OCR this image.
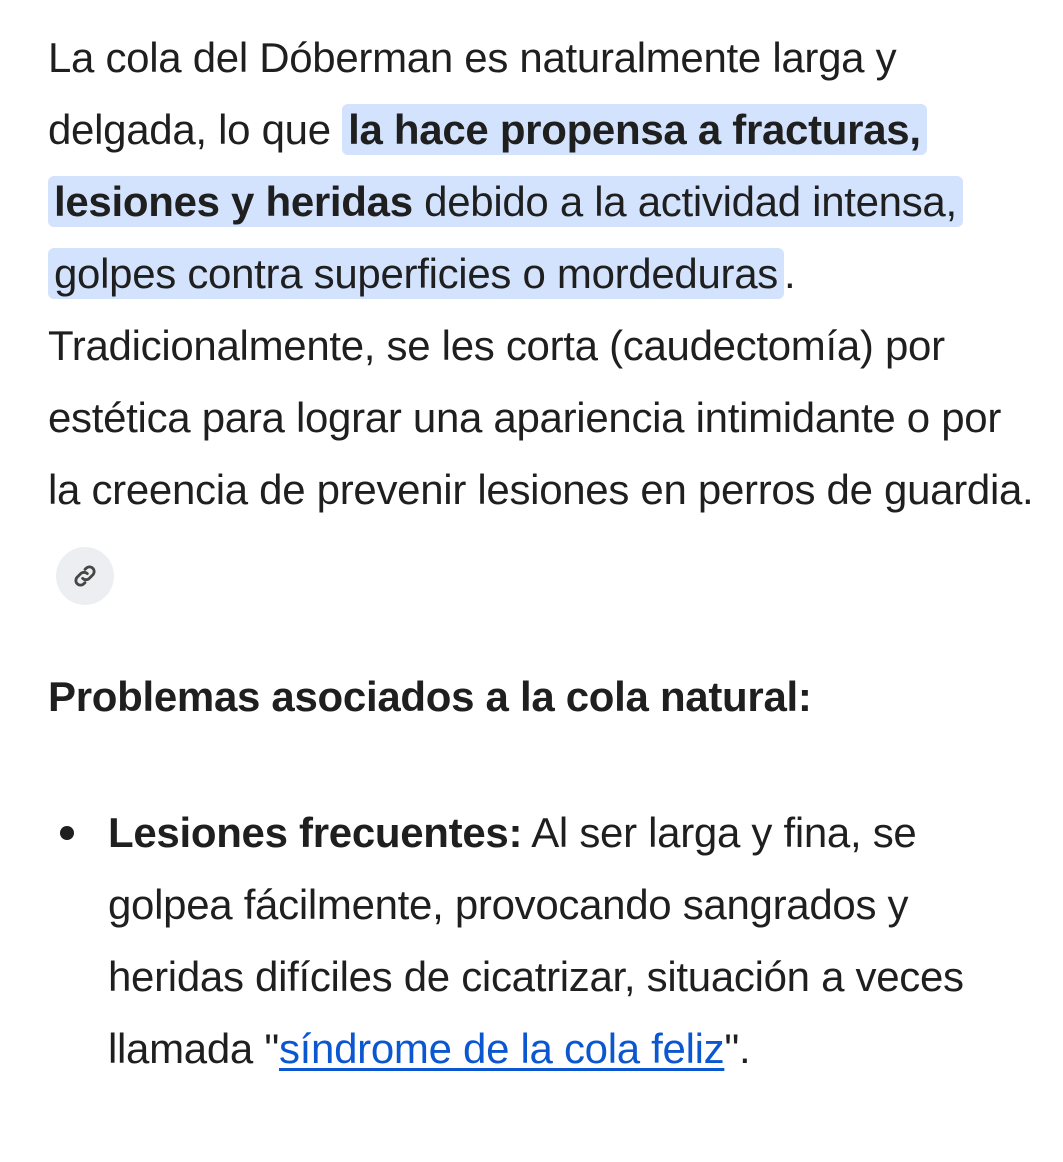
La cola del Dóberman es naturalmente larga y delgada, lo que la hace propensa a fracturas, lesiones y heridas debido a la actividad intensa, golpes contra superficies o mordeduras . Tradicionalmente, se les corta (caudectomía) por estética para lograr una apariencia intimidante o por la creencia de prevenir lesiones en perros de guardia.

Problemas asociados a la cola natural:
Lesiones frecuentes: Al ser larga y fina, se golpea fácilmente, provocando sangrados y heridas difíciles de cicatrizar, situación a veces llamada "síndrome de la cola feliz".
